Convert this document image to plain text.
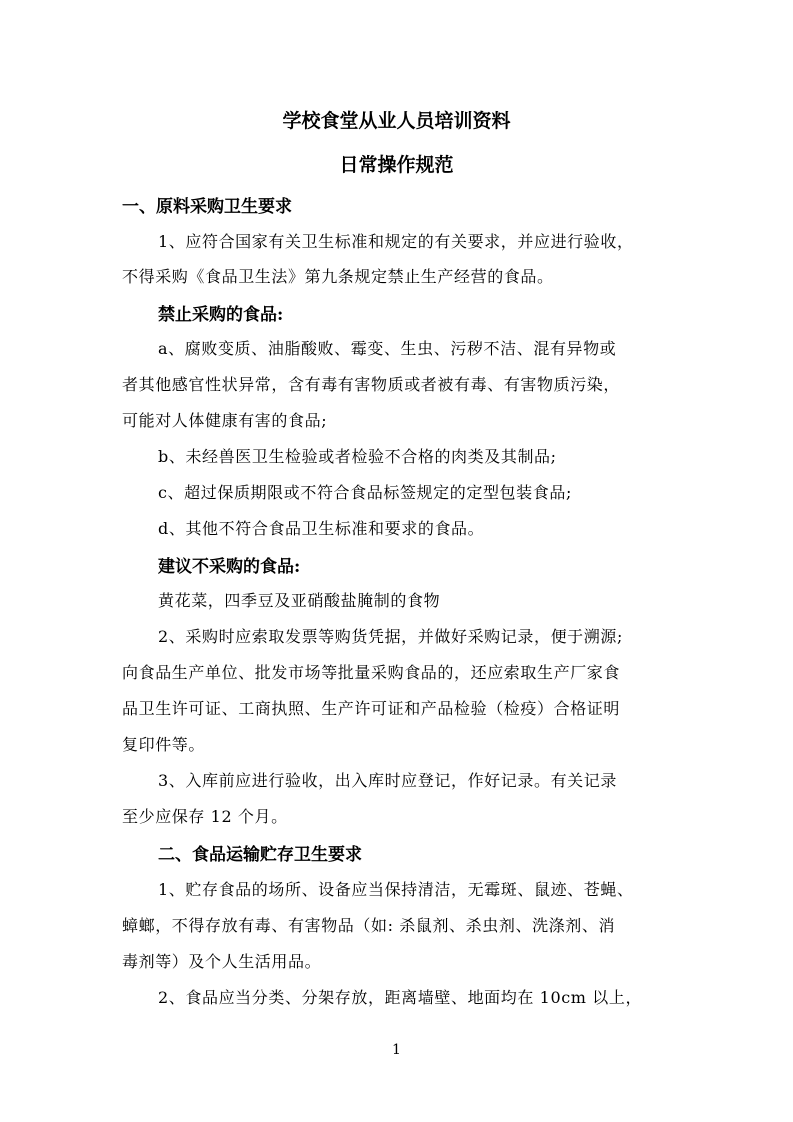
学校食堂从业人员培训资料
日常操作规范
一、原料采购卫生要求
1、应符合国家有关卫生标准和规定的有关要求，并应进行验收，
不得采购《食品卫生法》第九条规定禁止生产经营的食品。
禁止采购的食品:
a、腐败变质、油脂酸败、霉变、生虫、污秽不洁、混有异物或
者其他感官性状异常，含有毒有害物质或者被有毒、有害物质污染，
可能对人体健康有害的食品;
b、未经兽医卫生检验或者检验不合格的肉类及其制品;
c、超过保质期限或不符合食品标签规定的定型包装食品;
d、其他不符合食品卫生标准和要求的食品。
建议不采购的食品:
黄花菜，四季豆及亚硝酸盐腌制的食物
2、采购时应索取发票等购货凭据，并做好采购记录，便于溯源;
向食品生产单位、批发市场等批量采购食品的，还应索取生产厂家食
品卫生许可证、工商执照、生产许可证和产品检验（检疫）合格证明
复印件等。
3、入库前应进行验收，出入库时应登记，作好记录。有关记录
至少应保存 12 个月。
二、食品运输贮存卫生要求
1、贮存食品的场所、设备应当保持清洁，无霉斑、鼠迹、苍蝇、
蟑螂，不得存放有毒、有害物品（如: 杀鼠剂、杀虫剂、洗涤剂、消
毒剂等）及个人生活用品。
2、食品应当分类、分架存放，距离墙壁、地面均在 10cm 以上，
1
